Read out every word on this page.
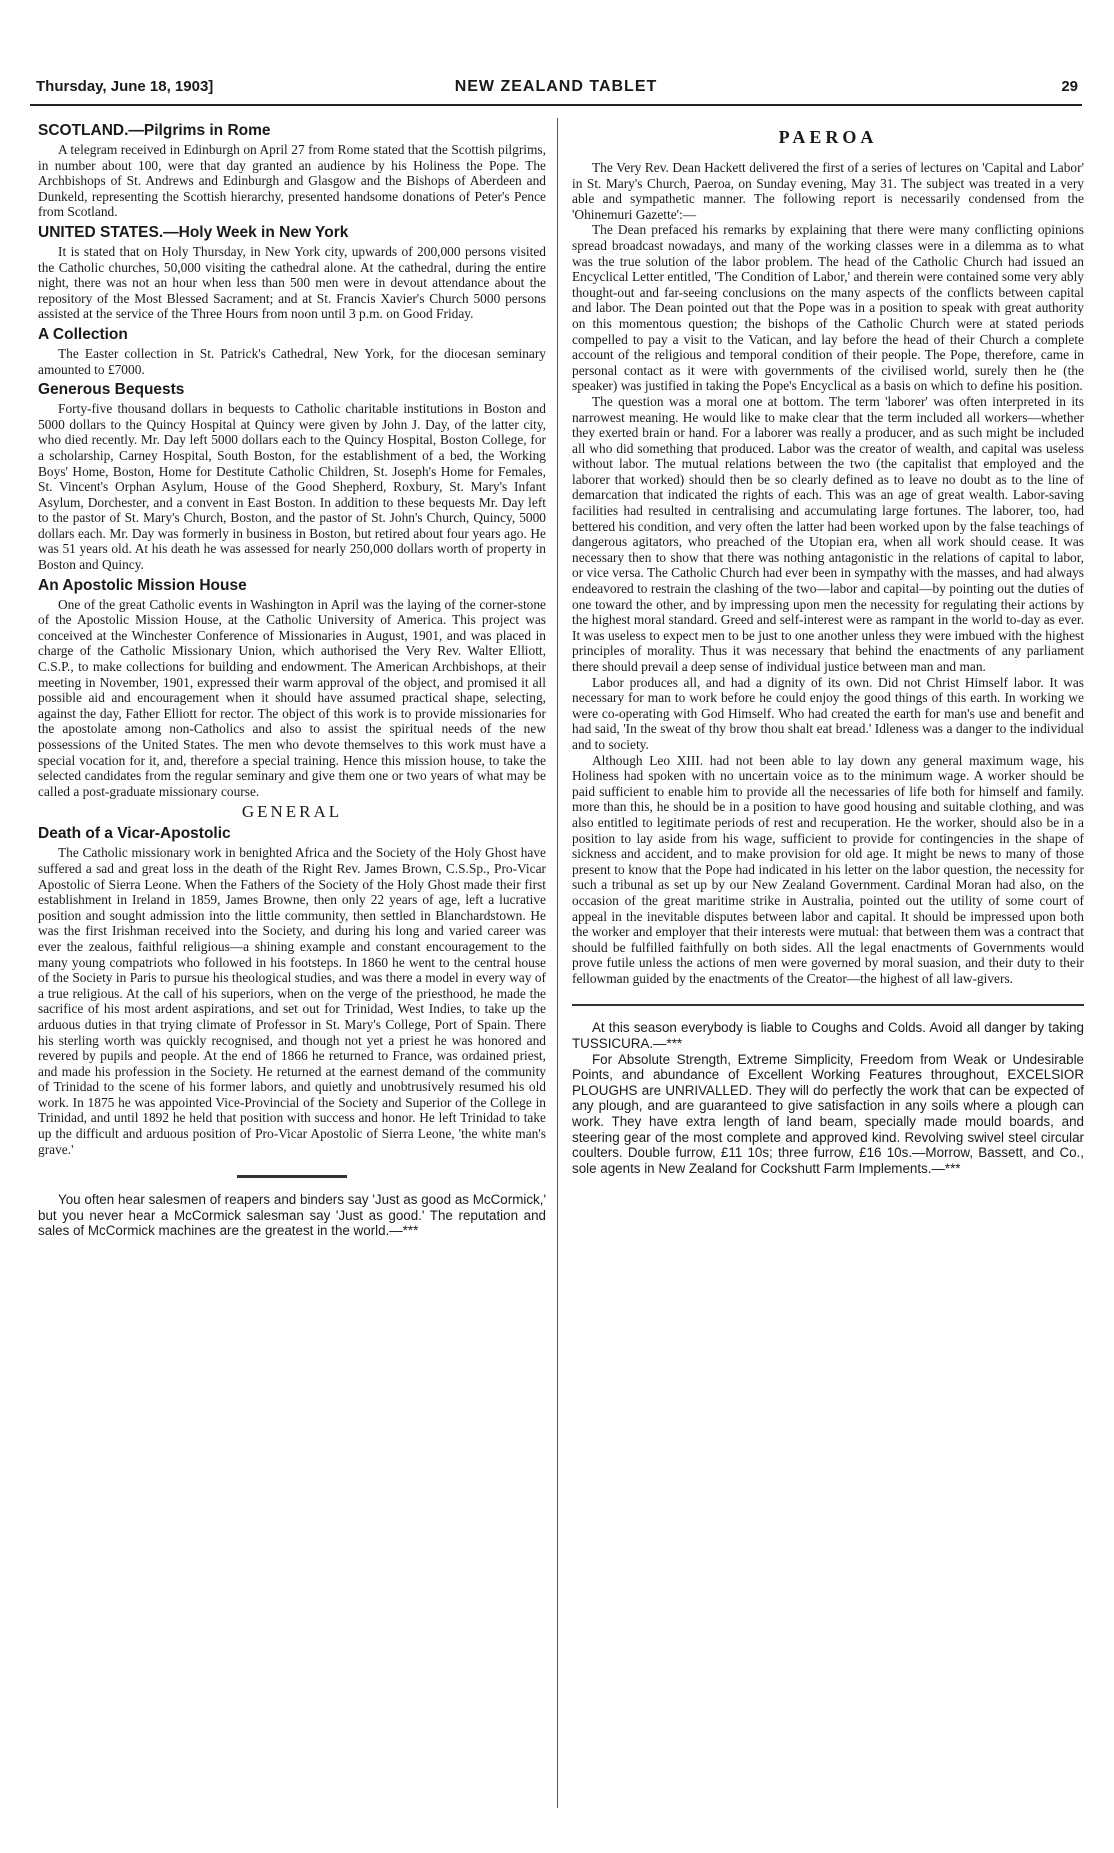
Thursday, June 18, 1903]	NEW ZEALAND TABLET	29
SCOTLAND.—Pilgrims in Rome

A telegram received in Edinburgh on April 27 from Rome stated that the Scottish pilgrims, in number about 100, were that day granted an audience by his Holiness the Pope. The Archbishops of St. Andrews and Edinburgh and Glasgow and the Bishops of Aberdeen and Dunkeld, representing the Scottish hierarchy, presented handsome donations of Peter's Pence from Scotland.

UNITED STATES.—Holy Week in New York

It is stated that on Holy Thursday, in New York city, upwards of 200,000 persons visited the Catholic churches, 50,000 visiting the cathedral alone. At the cathedral, during the entire night, there was not an hour when less than 500 men were in devout attendance about the repository of the Most Blessed Sacrament; and at St. Francis Xavier's Church 5000 persons assisted at the service of the Three Hours from noon until 3 p.m. on Good Friday.

A Collection

The Easter collection in St. Patrick's Cathedral, New York, for the diocesan seminary amounted to £7000.

Generous Bequests

Forty-five thousand dollars in bequests to Catholic charitable institutions in Boston and 5000 dollars to the Quincy Hospital at Quincy were given by John J. Day, of the latter city, who died recently. Mr. Day left 5000 dollars each to the Quincy Hospital, Boston College, for a scholarship, Carney Hospital, South Boston, for the establishment of a bed, the Working Boys' Home, Boston, Home for Destitute Catholic Children, St. Joseph's Home for Females, St. Vincent's Orphan Asylum, House of the Good Shepherd, Roxbury, St. Mary's Infant Asylum, Dorchester, and a convent in East Boston. In addition to these bequests Mr. Day left to the pastor of St. Mary's Church, Boston, and the pastor of St. John's Church, Quincy, 5000 dollars each. Mr. Day was formerly in business in Boston, but retired about four years ago. He was 51 years old. At his death he was assessed for nearly 250,000 dollars worth of property in Boston and Quincy.

An Apostolic Mission House

One of the great Catholic events in Washington in April was the laying of the corner-stone of the Apostolic Mission House, at the Catholic University of America. This project was conceived at the Winchester Conference of Missionaries in August, 1901, and was placed in charge of the Catholic Missionary Union, which authorised the Very Rev. Walter Elliott, C.S.P., to make collections for building and endowment. The American Archbishops, at their meeting in November, 1901, expressed their warm approval of the object, and promised it all possible aid and encouragement when it should have assumed practical shape, selecting, against the day, Father Elliott for rector. The object of this work is to provide missionaries for the apostolate among non-Catholics and also to assist the spiritual needs of the new possessions of the United States. The men who devote themselves to this work must have a special vocation for it, and, therefore a special training. Hence this mission house, to take the selected candidates from the regular seminary and give them one or two years of what may be called a post-graduate missionary course.

GENERAL
Death of a Vicar-Apostolic

The Catholic missionary work in benighted Africa and the Society of the Holy Ghost have suffered a sad and great loss in the death of the Right Rev. James Brown, C.S.Sp., Pro-Vicar Apostolic of Sierra Leone. When the Fathers of the Society of the Holy Ghost made their first establishment in Ireland in 1859, James Browne, then only 22 years of age, left a lucrative position and sought admission into the little community, then settled in Blanchardstown. He was the first Irishman received into the Society, and during his long and varied career was ever the zealous, faithful religious—a shining example and constant encouragement to the many young compatriots who followed in his footsteps. In 1860 he went to the central house of the Society in Paris to pursue his theological studies, and was there a model in every way of a true religious. At the call of his superiors, when on the verge of the priesthood, he made the sacrifice of his most ardent aspirations, and set out for Trinidad, West Indies, to take up the arduous duties in that trying climate of Professor in St. Mary's College, Port of Spain. There his sterling worth was quickly recognised, and though not yet a priest he was honored and revered by pupils and people. At the end of 1866 he returned to France, was ordained priest, and made his profession in the Society. He returned at the earnest demand of the community of Trinidad to the scene of his former labors, and quietly and unobtrusively resumed his old work. In 1875 he was appointed Vice-Provincial of the Society and Superior of the College in Trinidad, and until 1892 he held that position with success and honor. He left Trinidad to take up the difficult and arduous position of Pro-Vicar Apostolic of Sierra Leone, 'the white man's grave.'

You often hear salesmen of reapers and binders say 'Just as good as McCormick,' but you never hear a McCormick salesman say 'Just as good.' The reputation and sales of McCormick machines are the greatest in the world.—***

PAEROA

The Very Rev. Dean Hackett delivered the first of a series of lectures on 'Capital and Labor' in St. Mary's Church, Paeroa, on Sunday evening, May 31. The subject was treated in a very able and sympathetic manner. The following report is necessarily condensed from the 'Ohinemuri Gazette':—

The Dean prefaced his remarks by explaining that there were many conflicting opinions spread broadcast nowadays, and many of the working classes were in a dilemma as to what was the true solution of the labor problem. The head of the Catholic Church had issued an Encyclical Letter entitled, 'The Condition of Labor,' and therein were contained some very ably thought-out and far-seeing conclusions on the many aspects of the conflicts between capital and labor. The Dean pointed out that the Pope was in a position to speak with great authority on this momentous question; the bishops of the Catholic Church were at stated periods compelled to pay a visit to the Vatican, and lay before the head of their Church a complete account of the religious and temporal condition of their people. The Pope, therefore, came in personal contact as it were with governments of the civilised world, surely then he (the speaker) was justified in taking the Pope's Encyclical as a basis on which to define his position.

The question was a moral one at bottom. The term 'laborer' was often interpreted in its narrowest meaning. He would like to make clear that the term included all workers—whether they exerted brain or hand. For a laborer was really a producer, and as such might be included all who did something that produced. Labor was the creator of wealth, and capital was useless without labor. The mutual relations between the two (the capitalist that employed and the laborer that worked) should then be so clearly defined as to leave no doubt as to the line of demarcation that indicated the rights of each. This was an age of great wealth. Labor-saving facilities had resulted in centralising and accumulating large fortunes. The laborer, too, had bettered his condition, and very often the latter had been worked upon by the false teachings of dangerous agitators, who preached of the Utopian era, when all work should cease. It was necessary then to show that there was nothing antagonistic in the relations of capital to labor, or vice versa. The Catholic Church had ever been in sympathy with the masses, and had always endeavored to restrain the clashing of the two—labor and capital—by pointing out the duties of one toward the other, and by impressing upon men the necessity for regulating their actions by the highest moral standard. Greed and self-interest were as rampant in the world to-day as ever. It was useless to expect men to be just to one another unless they were imbued with the highest principles of morality. Thus it was necessary that behind the enactments of any parliament there should prevail a deep sense of individual justice between man and man.

Labor produces all, and had a dignity of its own. Did not Christ Himself labor. It was necessary for man to work before he could enjoy the good things of this earth. In working we were co-operating with God Himself. Who had created the earth for man's use and benefit and had said, 'In the sweat of thy brow thou shalt eat bread.' Idleness was a danger to the individual and to society.

Although Leo XIII. had not been able to lay down any general maximum wage, his Holiness had spoken with no uncertain voice as to the minimum wage. A worker should be paid sufficient to enable him to provide all the necessaries of life both for himself and family. more than this, he should be in a position to have good housing and suitable clothing, and was also entitled to legitimate periods of rest and recuperation. He the worker, should also be in a position to lay aside from his wage, sufficient to provide for contingencies in the shape of sickness and accident, and to make provision for old age. It might be news to many of those present to know that the Pope had indicated in his letter on the labor question, the necessity for such a tribunal as set up by our New Zealand Government. Cardinal Moran had also, on the occasion of the great maritime strike in Australia, pointed out the utility of some court of appeal in the inevitable disputes between labor and capital. It should be impressed upon both the worker and employer that their interests were mutual: that between them was a contract that should be fulfilled faithfully on both sides. All the legal enactments of Governments would prove futile unless the actions of men were governed by moral suasion, and their duty to their fellowman guided by the enactments of the Creator—the highest of all law-givers.

At this season everybody is liable to Coughs and Colds. Avoid all danger by taking TUSSICURA.—***

For Absolute Strength, Extreme Simplicity, Freedom from Weak or Undesirable Points, and abundance of Excellent Working Features throughout, EXCELSIOR PLOUGHS are UNRIVALLED. They will do perfectly the work that can be expected of any plough, and are guaranteed to give satisfaction in any soils where a plough can work. They have extra length of land beam, specially made mould boards, and steering gear of the most complete and approved kind. Revolving swivel steel circular coulters. Double furrow, £11 10s; three furrow, £16 10s.—Morrow, Bassett, and Co., sole agents in New Zealand for Cockshutt Farm Implements.—***
